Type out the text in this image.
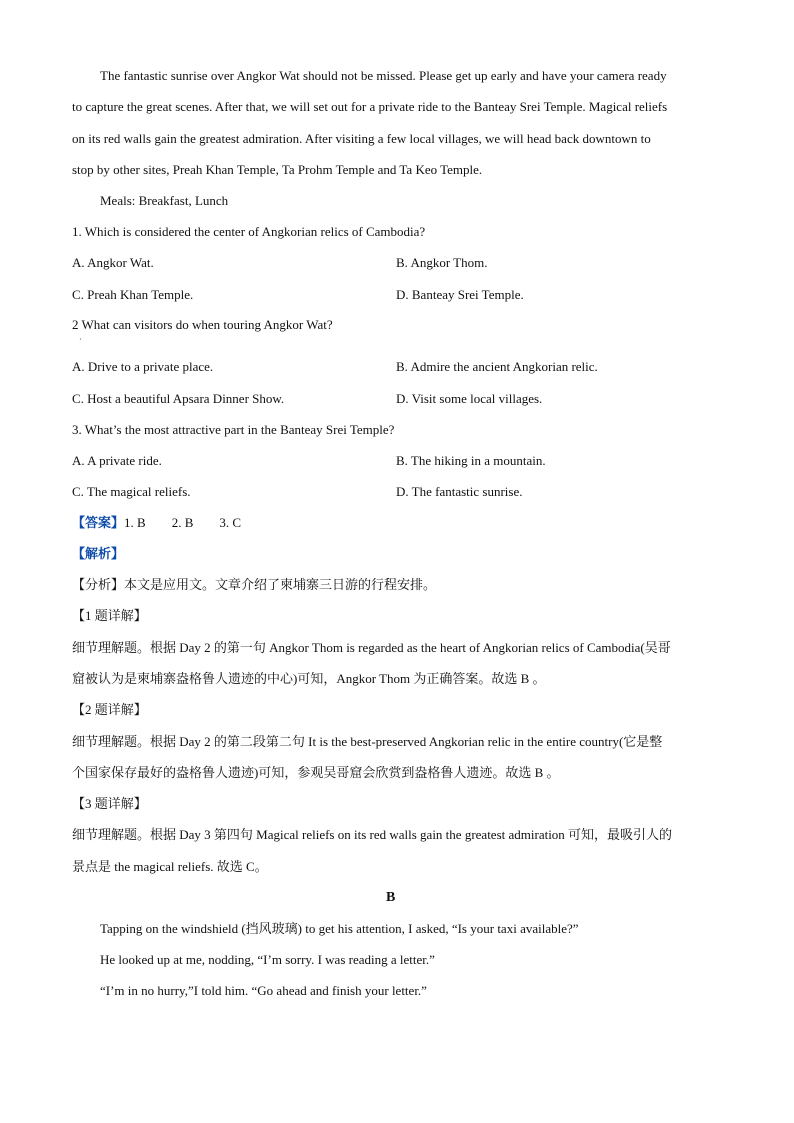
The fantastic sunrise over Angkor Wat should not be missed. Please get up early and have your camera ready
to capture the great scenes. After that, we will set out for a private ride to the Banteay Srei Temple. Magical reliefs
on its red walls gain the greatest admiration. After visiting a few local villages, we will head back downtown to
stop by other sites, Preah Khan Temple, Ta Prohm Temple and Ta Keo Temple.
Meals: Breakfast, Lunch
1. Which is considered the center of Angkorian relics of Cambodia?
A. Angkor Wat.	B. Angkor Thom.
C. Preah Khan Temple.	D. Banteay Srei Temple.
2 What can visitors do when touring Angkor Wat?
·
A. Drive to a private place.	B. Admire the ancient Angkorian relic.
C. Host a beautiful Apsara Dinner Show.	D. Visit some local villages.
3. What’s the most attractive part in the Banteay Srei Temple?
A. A private ride.	B. The hiking in a mountain.
C. The magical reliefs.	D. The fantastic sunrise.
【答案】1. B 2. B 3. C
【解析】
【分析】本文是应用文。文章介绍了柬埔寨三日游的行程安排。
【1 题详解】
细节理解题。根据 Day 2 的第一句 Angkor Thom is regarded as the heart of Angkorian relics of Cambodia(吴哥
窟被认为是柬埔寨盎格鲁人遗迹的中心)可知，Angkor Thom 为正确答案。故选 B 。
【2 题详解】
细节理解题。根据 Day 2 的第二段第二句 It is the best-preserved Angkorian relic in the entire country(它是整
个国家保存最好的盎格鲁人遗迹)可知，参观吴哥窟会欣赏到盎格鲁人遗迹。故选 B 。
【3 题详解】
细节理解题。根据 Day 3 第四句 Magical reliefs on its red walls gain the greatest admiration 可知，最吸引人的
景点是 the magical reliefs. 故选 C。
B
Tapping on the windshield (挡风玻璃) to get his attention, I asked, “Is your taxi available?”
He looked up at me, nodding, “I’m sorry. I was reading a letter.”
“I’m in no hurry,”I told him. “Go ahead and finish your letter.”
